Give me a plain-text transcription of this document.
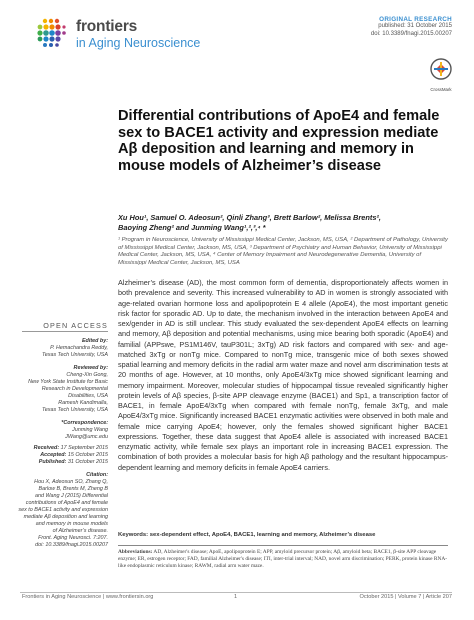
frontiers
in Aging Neuroscience
ORIGINAL RESEARCH
published: 31 October 2015
doi: 10.3389/fnagi.2015.00207
CrossMark
Differential contributions of ApoE4 and female sex to BACE1 activity and expression mediate Aβ deposition and learning and memory in mouse models of Alzheimer’s disease
Xu Hou¹, Samuel O. Adeosun², Qinli Zhang³, Brett Barlow², Melissa Brents²,
Baoying Zheng² and Junming Wang¹,²,³,⁴ *
¹ Program in Neuroscience, University of Mississippi Medical Center, Jackson, MS, USA, ² Department of Pathology, University of Mississippi Medical Center, Jackson, MS, USA, ³ Department of Psychiatry and Human Behavior, University of Mississippi Medical Center, Jackson, MS, USA, ⁴ Center of Memory Impairment and Neurodegenerative Dementia, University of Mississippi Medical Center, Jackson, MS, USA
Alzheimer’s disease (AD), the most common form of dementia, disproportionately affects women in both prevalence and severity. This increased vulnerability to AD in women is strongly associated with age-related ovarian hormone loss and apolipoprotein E 4 allele (ApoE4), the most important genetic risk factor for sporadic AD. Up to date, the mechanism involved in the interaction between ApoE4 and sex/gender in AD is still unclear. This study evaluated the sex-dependent ApoE4 effects on learning and memory, Aβ deposition and potential mechanisms, using mice bearing both sporadic (ApoE4) and familial (APPswe, PS1M146V, tauP301L; 3xTg) AD risk factors and compared with sex- and age-matched 3xTg or nonTg mice. Compared to nonTg mice, transgenic mice of both sexes showed spatial learning and memory deficits in the radial arm water maze and novel arm discrimination tests at 20 months of age. However, at 10 months, only ApoE4/3xTg mice showed significant learning and memory impairment. Moreover, molecular studies of hippocampal tissue revealed significantly higher protein levels of Aβ species, β-site APP cleavage enzyme (BACE1) and Sp1, a transcription factor of BACE1, in female ApoE4/3xTg when compared with female nonTg, female 3xTg, and male ApoE4/3xTg mice. Significantly increased BACE1 enzymatic activities were observed in both male and female mice carrying ApoE4; however, only the females showed significant higher BACE1 expressions. Together, these data suggest that ApoE4 allele is associated with increased BACE1 enzymatic activity, while female sex plays an important role in increasing BACE1 expression. The combination of both provides a molecular basis for high Aβ pathology and the resultant hippocampus-dependent learning and memory deficits in female ApoE4 carriers.
Keywords: sex-dependent effect, ApoE4, BACE1, learning and memory, Alzheimer’s disease
Abbreviations: AD, Alzheimer's disease; ApoE, apolipoprotein E; APP, amyloid precursor protein; Aβ, amyloid beta; BACE1, β-site APP cleavage enzyme; ER, estrogen receptor; FAD, familial Alzheimer's disease; ITI, inter-trial interval; NAD, novel arm discrimination; PERK, protein kinase RNA-like endoplasmic reticulum kinase; RAWM, radial arm water maze.
OPEN ACCESS
Edited by:
P. Hemachandra Reddy,
Texas Tech University, USA
Reviewed by:
Cheng-Xin Gong,
New York State Institute for Basic
Research in Developmental
Disabilities, USA
Ramesh Kandimalla,
Texas Tech University, USA
*Correspondence:
Junming Wang
JWang@umc.edu
Received: 17 September 2015
Accepted: 15 October 2015
Published: 31 October 2015
Citation:
Hou X, Adeosun SO, Zhang Q,
Barlow B, Brents M, Zheng B
and Wang J (2015) Differential
contributions of ApoE4 and female
sex to BACE1 activity and expression
mediate Aβ deposition and learning
and memory in mouse models
of Alzheimer’s disease.
Front. Aging Neurosci. 7:207.
doi: 10.3389/fnagi.2015.00207
Frontiers in Aging Neuroscience | www.frontiersin.org	1	October 2015 | Volume 7 | Article 207
